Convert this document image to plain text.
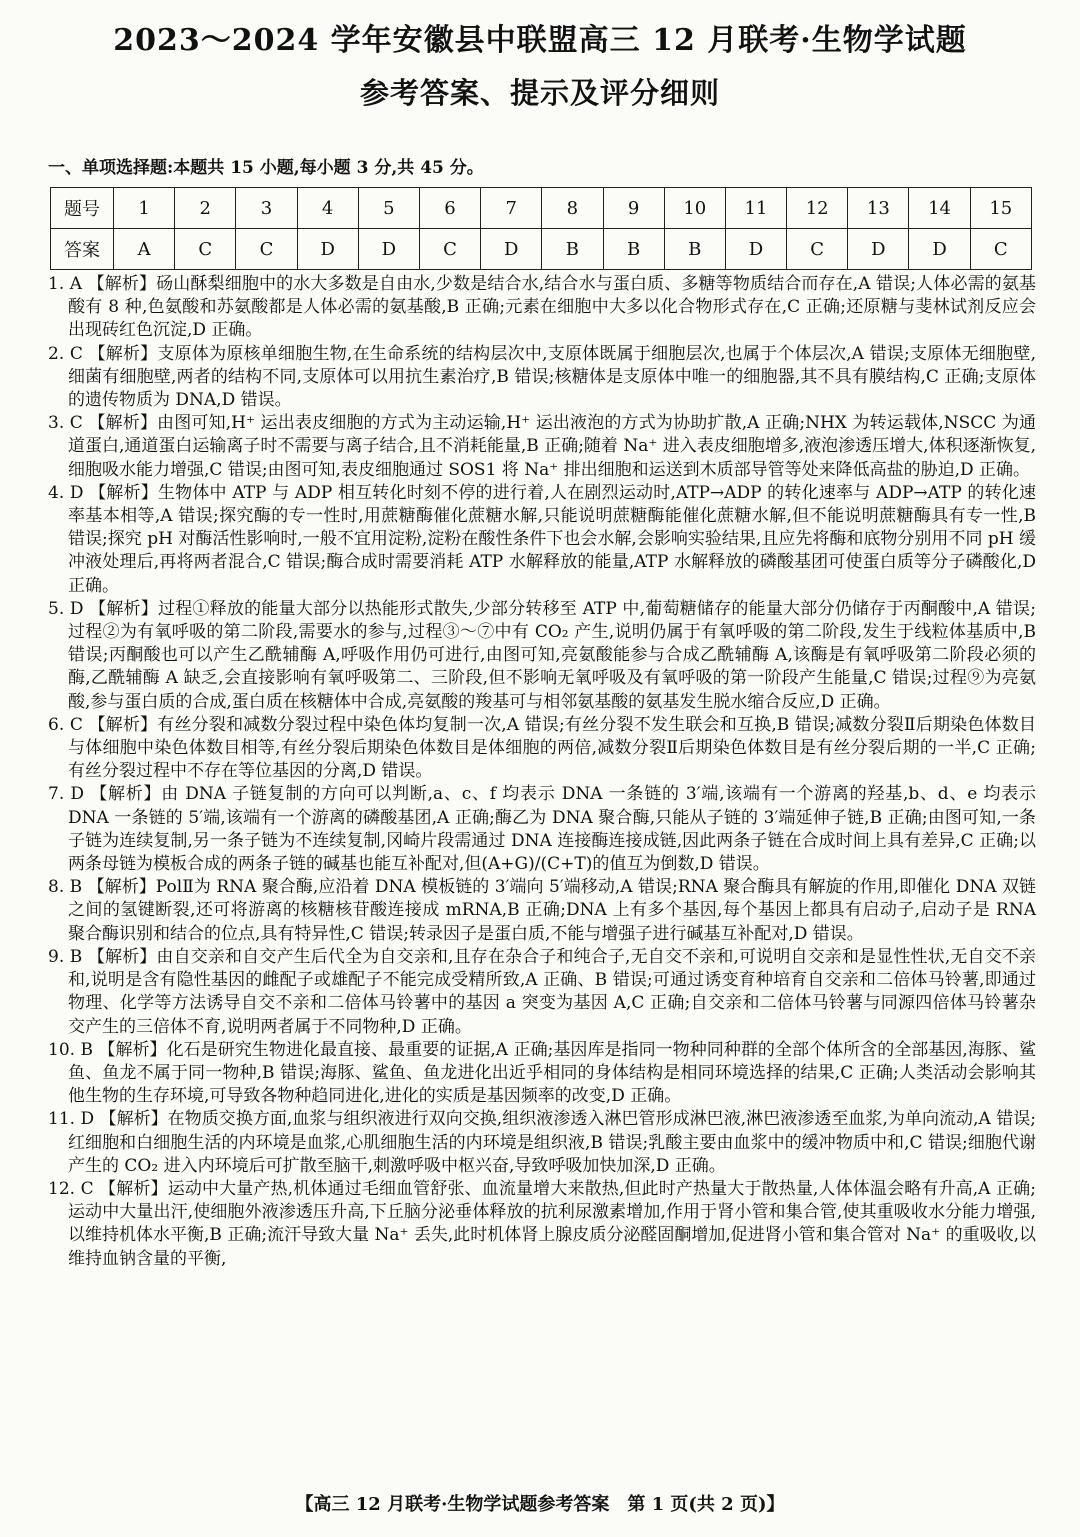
2023～2024 学年安徽县中联盟高三 12 月联考·生物学试题
参考答案、提示及评分细则
一、单项选择题:本题共 15 小题,每小题 3 分,共 45 分。
题号	1	2	3	4	5	6	7	8	9	10	11	12	13	14	15
答案	A	C	C	D	D	C	D	B	B	B	D	C	D	D	C

1. A 【解析】砀山酥梨细胞中的水大多数是自由水,少数是结合水,结合水与蛋白质、多糖等物质结合而存在,A 错误;人体必需的氨基酸有 8 种,色氨酸和苏氨酸都是人体必需的氨基酸,B 正确;元素在细胞中大多以化合物形式存在,C 正确;还原糖与斐林试剂反应会出现砖红色沉淀,D 正确。

2. C 【解析】支原体为原核单细胞生物,在生命系统的结构层次中,支原体既属于细胞层次,也属于个体层次,A 错误;支原体无细胞壁,细菌有细胞壁,两者的结构不同,支原体可以用抗生素治疗,B 错误;核糖体是支原体中唯一的细胞器,其不具有膜结构,C 正确;支原体的遗传物质为 DNA,D 错误。

3. C 【解析】由图可知,H⁺ 运出表皮细胞的方式为主动运输,H⁺ 运出液泡的方式为协助扩散,A 正确;NHX 为转运载体,NSCC 为通道蛋白,通道蛋白运输离子时不需要与离子结合,且不消耗能量,B 正确;随着 Na⁺ 进入表皮细胞增多,液泡渗透压增大,体积逐渐恢复,细胞吸水能力增强,C 错误;由图可知,表皮细胞通过 SOS1 将 Na⁺ 排出细胞和运送到木质部导管等处来降低高盐的胁迫,D 正确。

4. D 【解析】生物体中 ATP 与 ADP 相互转化时刻不停的进行着,人在剧烈运动时,ATP→ADP 的转化速率与 ADP→ATP 的转化速率基本相等,A 错误;探究酶的专一性时,用蔗糖酶催化蔗糖水解,只能说明蔗糖酶能催化蔗糖水解,但不能说明蔗糖酶具有专一性,B 错误;探究 pH 对酶活性影响时,一般不宜用淀粉,淀粉在酸性条件下也会水解,会影响实验结果,且应先将酶和底物分别用不同 pH 缓冲液处理后,再将两者混合,C 错误;酶合成时需要消耗 ATP 水解释放的能量,ATP 水解释放的磷酸基团可使蛋白质等分子磷酸化,D 正确。

5. D 【解析】过程①释放的能量大部分以热能形式散失,少部分转移至 ATP 中,葡萄糖储存的能量大部分仍储存于丙酮酸中,A 错误;过程②为有氧呼吸的第二阶段,需要水的参与,过程③～⑦中有 CO₂ 产生,说明仍属于有氧呼吸的第二阶段,发生于线粒体基质中,B 错误;丙酮酸也可以产生乙酰辅酶 A,呼吸作用仍可进行,由图可知,亮氨酸能参与合成乙酰辅酶 A,该酶是有氧呼吸第二阶段必须的酶,乙酰辅酶 A 缺乏,会直接影响有氧呼吸第二、三阶段,但不影响无氧呼吸及有氧呼吸的第一阶段产生能量,C 错误;过程⑨为亮氨酸,参与蛋白质的合成,蛋白质在核糖体中合成,亮氨酸的羧基可与相邻氨基酸的氨基发生脱水缩合反应,D 正确。

6. C 【解析】有丝分裂和减数分裂过程中染色体均复制一次,A 错误;有丝分裂不发生联会和互换,B 错误;减数分裂Ⅱ后期染色体数目与体细胞中染色体数目相等,有丝分裂后期染色体数目是体细胞的两倍,减数分裂Ⅱ后期染色体数目是有丝分裂后期的一半,C 正确;有丝分裂过程中不存在等位基因的分离,D 错误。

7. D 【解析】由 DNA 子链复制的方向可以判断,a、c、f 均表示 DNA 一条链的 3′端,该端有一个游离的羟基,b、d、e 均表示 DNA 一条链的 5′端,该端有一个游离的磷酸基团,A 正确;酶乙为 DNA 聚合酶,只能从子链的 3′端延伸子链,B 正确;由图可知,一条子链为连续复制,另一条子链为不连续复制,冈崎片段需通过 DNA 连接酶连接成链,因此两条子链在合成时间上具有差异,C 正确;以两条母链为模板合成的两条子链的碱基也能互补配对,但(A+G)/(C+T)的值互为倒数,D 错误。

8. B 【解析】PolⅡ为 RNA 聚合酶,应沿着 DNA 模板链的 3′端向 5′端移动,A 错误;RNA 聚合酶具有解旋的作用,即催化 DNA 双链之间的氢键断裂,还可将游离的核糖核苷酸连接成 mRNA,B 正确;DNA 上有多个基因,每个基因上都具有启动子,启动子是 RNA 聚合酶识别和结合的位点,具有特异性,C 错误;转录因子是蛋白质,不能与增强子进行碱基互补配对,D 错误。

9. B 【解析】由自交亲和自交产生后代全为自交亲和,且存在杂合子和纯合子,无自交不亲和,可说明自交亲和是显性性状,无自交不亲和,说明是含有隐性基因的雌配子或雄配子不能完成受精所致,A 正确、B 错误;可通过诱变育种培育自交亲和二倍体马铃薯,即通过物理、化学等方法诱导自交不亲和二倍体马铃薯中的基因 a 突变为基因 A,C 正确;自交亲和二倍体马铃薯与同源四倍体马铃薯杂交产生的三倍体不育,说明两者属于不同物种,D 正确。

10. B 【解析】化石是研究生物进化最直接、最重要的证据,A 正确;基因库是指同一物种同种群的全部个体所含的全部基因,海豚、鲨鱼、鱼龙不属于同一物种,B 错误;海豚、鲨鱼、鱼龙进化出近乎相同的身体结构是相同环境选择的结果,C 正确;人类活动会影响其他生物的生存环境,可导致各物种趋同进化,进化的实质是基因频率的改变,D 正确。

11. D 【解析】在物质交换方面,血浆与组织液进行双向交换,组织液渗透入淋巴管形成淋巴液,淋巴液渗透至血浆,为单向流动,A 错误;红细胞和白细胞生活的内环境是血浆,心肌细胞生活的内环境是组织液,B 错误;乳酸主要由血浆中的缓冲物质中和,C 错误;细胞代谢产生的 CO₂ 进入内环境后可扩散至脑干,刺激呼吸中枢兴奋,导致呼吸加快加深,D 正确。

12. C 【解析】运动中大量产热,机体通过毛细血管舒张、血流量增大来散热,但此时产热量大于散热量,人体体温会略有升高,A 正确;运动中大量出汗,使细胞外液渗透压升高,下丘脑分泌垂体释放的抗利尿激素增加,作用于肾小管和集合管,使其重吸收水分能力增强,以维持机体水平衡,B 正确;流汗导致大量 Na⁺ 丢失,此时机体肾上腺皮质分泌醛固酮增加,促进肾小管和集合管对 Na⁺ 的重吸收,以维持血钠含量的平衡,

【高三 12 月联考·生物学试题参考答案　第 1 页(共 2 页)】
